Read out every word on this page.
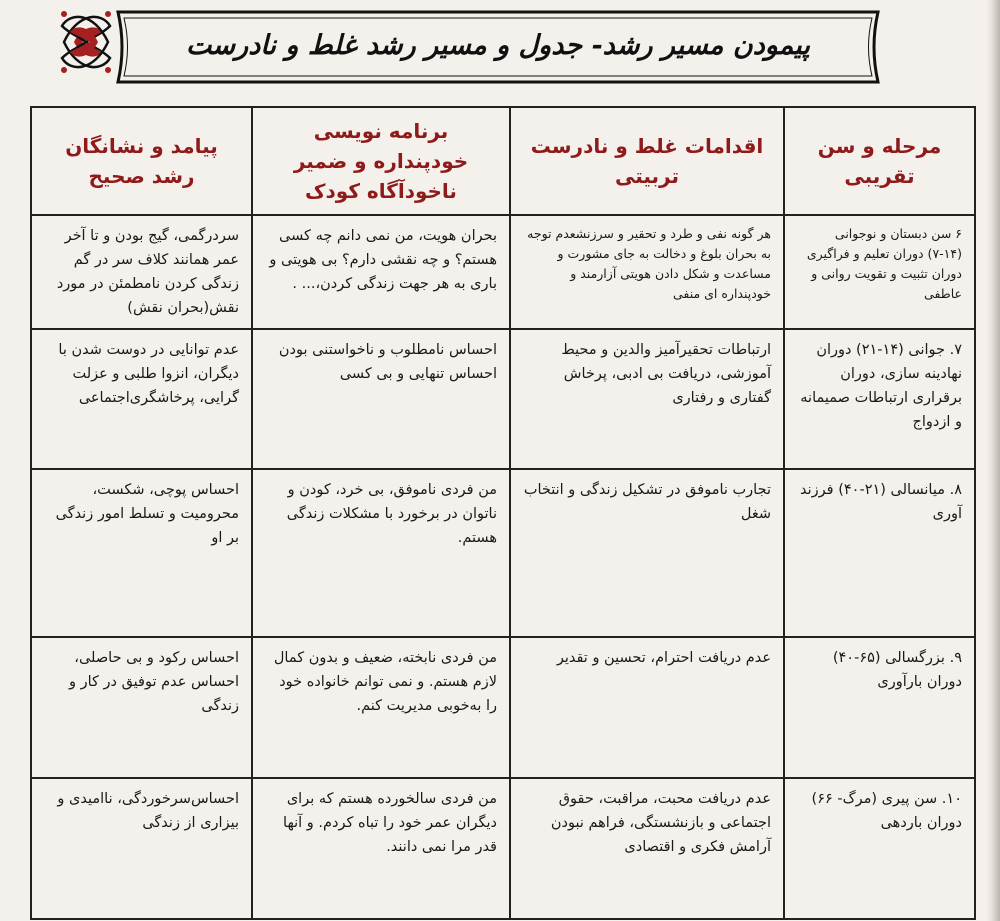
پیمودن مسیر رشد- جدول و مسیر رشد غلط و نادرست
مرحله و سن تقریبی	اقدامات غلط و نادرست تربیتی	برنامه نویسی خودپنداره و ضمیر ناخودآگاه کودک	پیامد و نشانگان رشد صحیح
۶ سن دبستان و نوجوانی (۱۴-۷) دوران تعلیم و فراگیری دوران تثبیت و تقویت روانی و عاطفی	هر گونه نفی و طرد و تحقیر و سرزنشعدم توجه به بحران بلوغ و دخالت به جای مشورت و مساعدت و شکل دادن هویتی آزارمند و خودپنداره ای منفی	بحران هویت، من نمی دانم چه کسی هستم؟ و چه نقشی دارم؟ بی هویتی و باری به هر جهت زندگی کردن،... .	سردرگمی، گیج بودن و تا آخر عمر همانند کلاف سر در گم زندگی کردن نامطمئن در مورد نقش(بحران نقش)
۷. جوانی (۱۴-۲۱) دوران نهادینه سازی، دوران برقراری ارتباطات صمیمانه و ازدواج	ارتباطات تحقیرآمیز والدین و محیط آموزشی، دریافت بی ادبی، پرخاش گفتاری و رفتاری	احساس نامطلوب و ناخواستنی بودن احساس تنهایی و بی کسی	عدم توانایی در دوست شدن با دیگران، انزوا طلبی و عزلت گرایی، پرخاشگری‌اجتماعی
۸. میانسالی (۲۱-۴۰) فرزند آوری	تجارب ناموفق در تشکیل زندگی و انتخاب شغل	من فردی ناموفق، بی خرد، کودن و ناتوان در برخورد با مشکلات زندگی هستم.	احساس پوچی، شکست، محرومیت و تسلط امور زندگی بر او
۹. بزرگسالی (۶۵-۴۰) دوران بارآوری	عدم دریافت احترام، تحسین و تقدیر	من فردی نابخته، ضعیف و بدون کمال لازم هستم. و نمی توانم خانواده خود را به‌خوبی مدیریت کنم.	احساس رکود و بی حاصلی، احساس عدم توفیق در کار و زندگی
۱۰. سن پیری (مرگ- ۶۶) دوران باردهی	عدم دریافت محبت، مراقبت، حقوق اجتماعی و بازنشستگی، فراهم نبودن آرامش فکری و اقتصادی	من فردی سالخورده هستم که برای دیگران عمر خود را تباه کردم. و آنها قدر مرا نمی دانند.	احساس‌سرخوردگی، ناامیدی و بیزاری از زندگی
